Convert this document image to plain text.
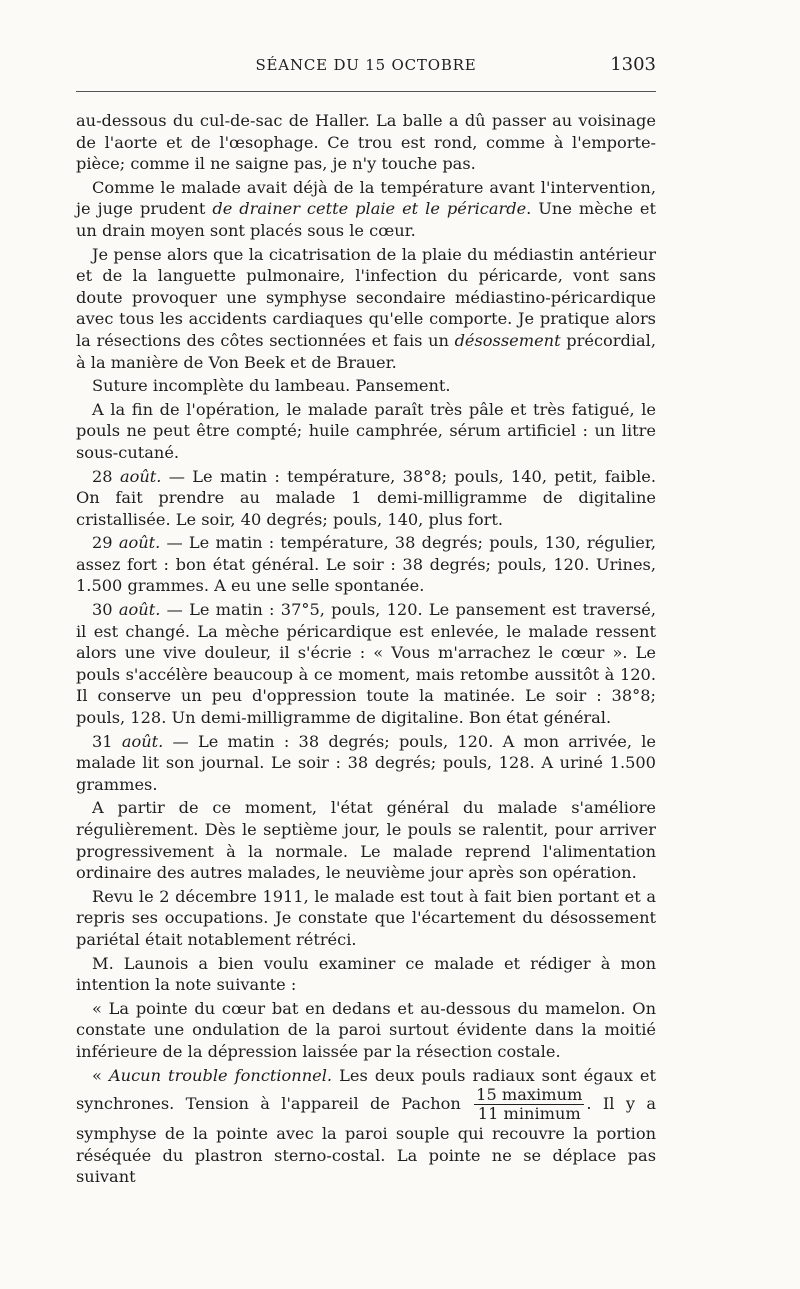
SÉANCE DU 15 OCTOBRE	1303

au-dessous du cul-de-sac de Haller. La balle a dû passer au voisinage de l'aorte et de l'œsophage. Ce trou est rond, comme à l'emporte-pièce; comme il ne saigne pas, je n'y touche pas.

Comme le malade avait déjà de la température avant l'intervention, je juge prudent de drainer cette plaie et le péricarde. Une mèche et un drain moyen sont placés sous le cœur.

Je pense alors que la cicatrisation de la plaie du médiastin antérieur et de la languette pulmonaire, l'infection du péricarde, vont sans doute provoquer une symphyse secondaire médiastino-péricardique avec tous les accidents cardiaques qu'elle comporte. Je pratique alors la résections des côtes sectionnées et fais un désossement précordial, à la manière de Von Beek et de Brauer.

Suture incomplète du lambeau. Pansement.

A la fin de l'opération, le malade paraît très pâle et très fatigué, le pouls ne peut être compté; huile camphrée, sérum artificiel : un litre sous-cutané.

28 août. — Le matin : température, 38°8; pouls, 140, petit, faible. On fait prendre au malade 1 demi-milligramme de digitaline cristallisée. Le soir, 40 degrés; pouls, 140, plus fort.

29 août. — Le matin : température, 38 degrés; pouls, 130, régulier, assez fort : bon état général. Le soir : 38 degrés; pouls, 120. Urines, 1.500 grammes. A eu une selle spontanée.

30 août. — Le matin : 37°5, pouls, 120. Le pansement est traversé, il est changé. La mèche péricardique est enlevée, le malade ressent alors une vive douleur, il s'écrie : « Vous m'arrachez le cœur ». Le pouls s'accélère beaucoup à ce moment, mais retombe aussitôt à 120. Il conserve un peu d'oppression toute la matinée. Le soir : 38°8; pouls, 128. Un demi-milligramme de digitaline. Bon état général.

31 août. — Le matin : 38 degrés; pouls, 120. A mon arrivée, le malade lit son journal. Le soir : 38 degrés; pouls, 128. A uriné 1.500 grammes.

A partir de ce moment, l'état général du malade s'améliore régulièrement. Dès le septième jour, le pouls se ralentit, pour arriver progressivement à la normale. Le malade reprend l'alimentation ordinaire des autres malades, le neuvième jour après son opération.

Revu le 2 décembre 1911, le malade est tout à fait bien portant et a repris ses occupations. Je constate que l'écartement du désossement pariétal était notablement rétréci.

M. Launois a bien voulu examiner ce malade et rédiger à mon intention la note suivante :

« La pointe du cœur bat en dedans et au-dessous du mamelon. On constate une ondulation de la paroi surtout évidente dans la moitié inférieure de la dépression laissée par la résection costale.

« Aucun trouble fonctionnel. Les deux pouls radiaux sont égaux et synchrones. Tension à l'appareil de Pachon $\frac{\text{15 maximum}}{\text{11 minimum}}$ . Il y a symphyse de la pointe avec la paroi souple qui recouvre la portion réséquée du plastron sterno-costal. La pointe ne se déplace pas suivant
